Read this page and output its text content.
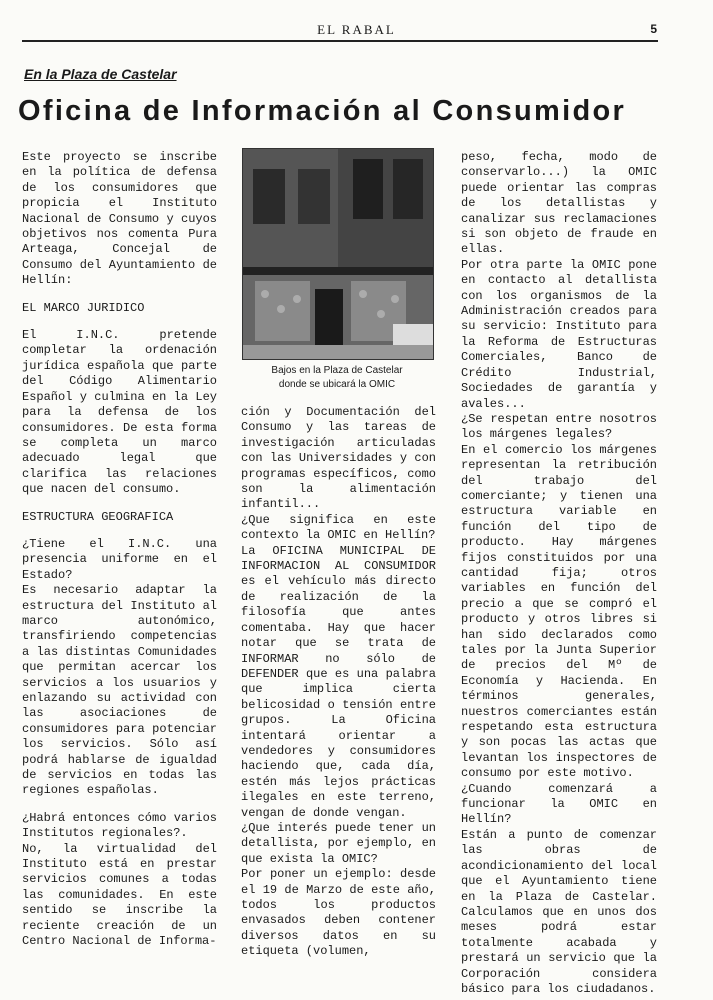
EL RABAL	5
En la Plaza de Castelar
Oficina de Información al Consumidor

Este proyecto se inscribe en la política de defensa de los consumidores que propicia el Instituto Nacional de Consumo y cuyos objetivos nos comenta Pura Arteaga, Concejal de Consumo del Ayuntamiento de Hellín:

EL MARCO JURIDICO

El I.N.C. pretende completar la ordenación jurídica española que parte del Código Alimentario Español y culmina en la Ley para la defensa de los consumidores. De esta forma se completa un marco adecuado legal que clarifica las relaciones que nacen del consumo.

ESTRUCTURA GEOGRAFICA

¿Tiene el I.N.C. una presencia uniforme en el Estado?

Es necesario adaptar la estructura del Instituto al marco autonómico, transfiriendo competencias a las distintas Comunidades que permitan acercar los servicios a los usuarios y enlazando su actividad con las asociaciones de consumidores para potenciar los servicios. Sólo así podrá hablarse de igualdad de servicios en todas las regiones españolas.

¿Habrá entonces cómo varios Institutos regionales?.

No, la virtualidad del Instituto está en prestar servicios comunes a todas las comunidades. En este sentido se inscribe la reciente creación de un Centro Nacional de Informa-

Bajos en la Plaza de Castelar
donde se ubicará la OMIC

ción y Documentación del Consumo y las tareas de investigación articuladas con las Universidades y con programas específicos, como son la alimentación infantil...

¿Que significa en este contexto la OMIC en Hellín?

La OFICINA MUNICIPAL DE INFORMACION AL CONSUMIDOR es el vehículo más directo de realización de la filosofía que antes comentaba. Hay que hacer notar que se trata de INFORMAR no sólo de DEFENDER que es una palabra que implica cierta belicosidad o tensión entre grupos. La Oficina intentará orientar a vendedores y consumidores haciendo que, cada día, estén más lejos prácticas ilegales en este terreno, vengan de donde vengan.

¿Que interés puede tener un detallista, por ejemplo, en que exista la OMIC?

Por poner un ejemplo: desde el 19 de Marzo de este año, todos los productos envasados deben contener diversos datos en su etiqueta (volumen,

peso, fecha, modo de conservarlo...) la OMIC puede orientar las compras de los detallistas y canalizar sus reclamaciones si son objeto de fraude en ellas.

Por otra parte la OMIC pone en contacto al detallista con los organismos de la Administración creados para su servicio: Instituto para la Reforma de Estructuras Comerciales, Banco de Crédito Industrial, Sociedades de garantía y avales...

¿Se respetan entre nosotros los márgenes legales?

En el comercio los márgenes representan la retribución del trabajo del comerciante; y tienen una estructura variable en función del tipo de producto. Hay márgenes fijos constituidos por una cantidad fija; otros variables en función del precio a que se compró el producto y otros libres si han sido declarados como tales por la Junta Superior de precios del Mº de Economía y Hacienda. En términos generales, nuestros comerciantes están respetando esta estructura y son pocas las actas que levantan los inspectores de consumo por este motivo.

¿Cuando comenzará a funcionar la OMIC en Hellín?

Están a punto de comenzar las obras de acondicionamiento del local que el Ayuntamiento tiene en la Plaza de Castelar. Calculamos que en unos dos meses podrá estar totalmente acabada y prestará un servicio que la Corporación considera básico para los ciudadanos.
